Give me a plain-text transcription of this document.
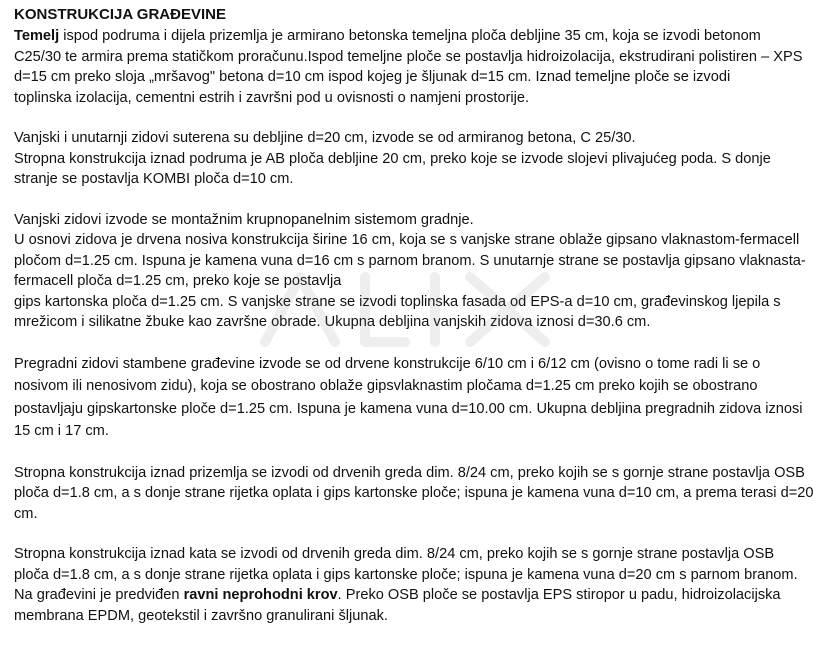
KONSTRUKCIJA GRAĐEVINE
Temelj ispod podruma i dijela prizemlja je armirano betonska temeljna ploča debljine 35 cm, koja se izvodi betonom
C25/30 te armira prema statičkom proračunu.Ispod temeljne ploče se postavlja hidroizolacija, ekstrudirani polistiren – XPS
d=15 cm preko sloja „mršavog" betona d=10 cm ispod kojeg je šljunak d=15 cm. Iznad temeljne ploče se izvodi
toplinska izolacija, cementni estrih i završni pod u ovisnosti o namjeni prostorije.
Vanjski i unutarnji zidovi suterena su debljine d=20 cm, izvode se od armiranog betona, C 25/30.
Stropna konstrukcija iznad podruma je AB ploča debljine 20 cm, preko koje se izvode slojevi plivajućeg poda. S donje
stranje se postavlja KOMBI ploča d=10 cm.
Vanjski zidovi izvode se montažnim krupnopanelnim sistemom gradnje.
U osnovi zidova je drvena nosiva konstrukcija širine 16 cm, koja se s vanjske strane oblaže gipsano vlaknastom-fermacell
pločom d=1.25 cm. Ispuna je kamena vuna d=16 cm s parnom branom. S unutarnje strane se postavlja gipsano vlaknasta-
fermacell ploča d=1.25 cm, preko koje se postavlja
gips kartonska ploča d=1.25 cm. S vanjske strane se izvodi toplinska fasada od EPS-a d=10 cm, građevinskog ljepila s
mrežicom i silikatne žbuke kao završne obrade. Ukupna debljina vanjskih zidova iznosi d=30.6 cm.
Pregradni zidovi stambene građevine izvode se od drvene konstrukcije 6/10 cm i 6/12 cm (ovisno o tome radi li se o
nosivom ili nenosivom zidu), koja se obostrano oblaže gipsvlaknastim pločama d=1.25 cm preko kojih se obostrano
postavljaju gipskartonske ploče d=1.25 cm. Ispuna je kamena vuna d=10.00 cm. Ukupna debljina pregradnih zidova iznosi
15 cm i 17 cm.
Stropna konstrukcija iznad prizemlja se izvodi od drvenih greda dim. 8/24 cm, preko kojih se s gornje strane postavlja OSB
ploča d=1.8 cm, a s donje strane rijetka oplata i gips kartonske ploče; ispuna je kamena vuna d=10 cm, a prema terasi d=20
cm.
Stropna konstrukcija iznad kata se izvodi od drvenih greda dim. 8/24 cm, preko kojih se s gornje strane postavlja OSB
ploča d=1.8 cm, a s donje strane rijetka oplata i gips kartonske ploče; ispuna je kamena vuna d=20 cm s parnom branom.
Na građevini je predviđen ravni neprohodni krov. Preko OSB ploče se postavlja EPS stiropor u padu, hidroizolacijska
membrana EPDM, geotekstil i završno granulirani šljunak.
